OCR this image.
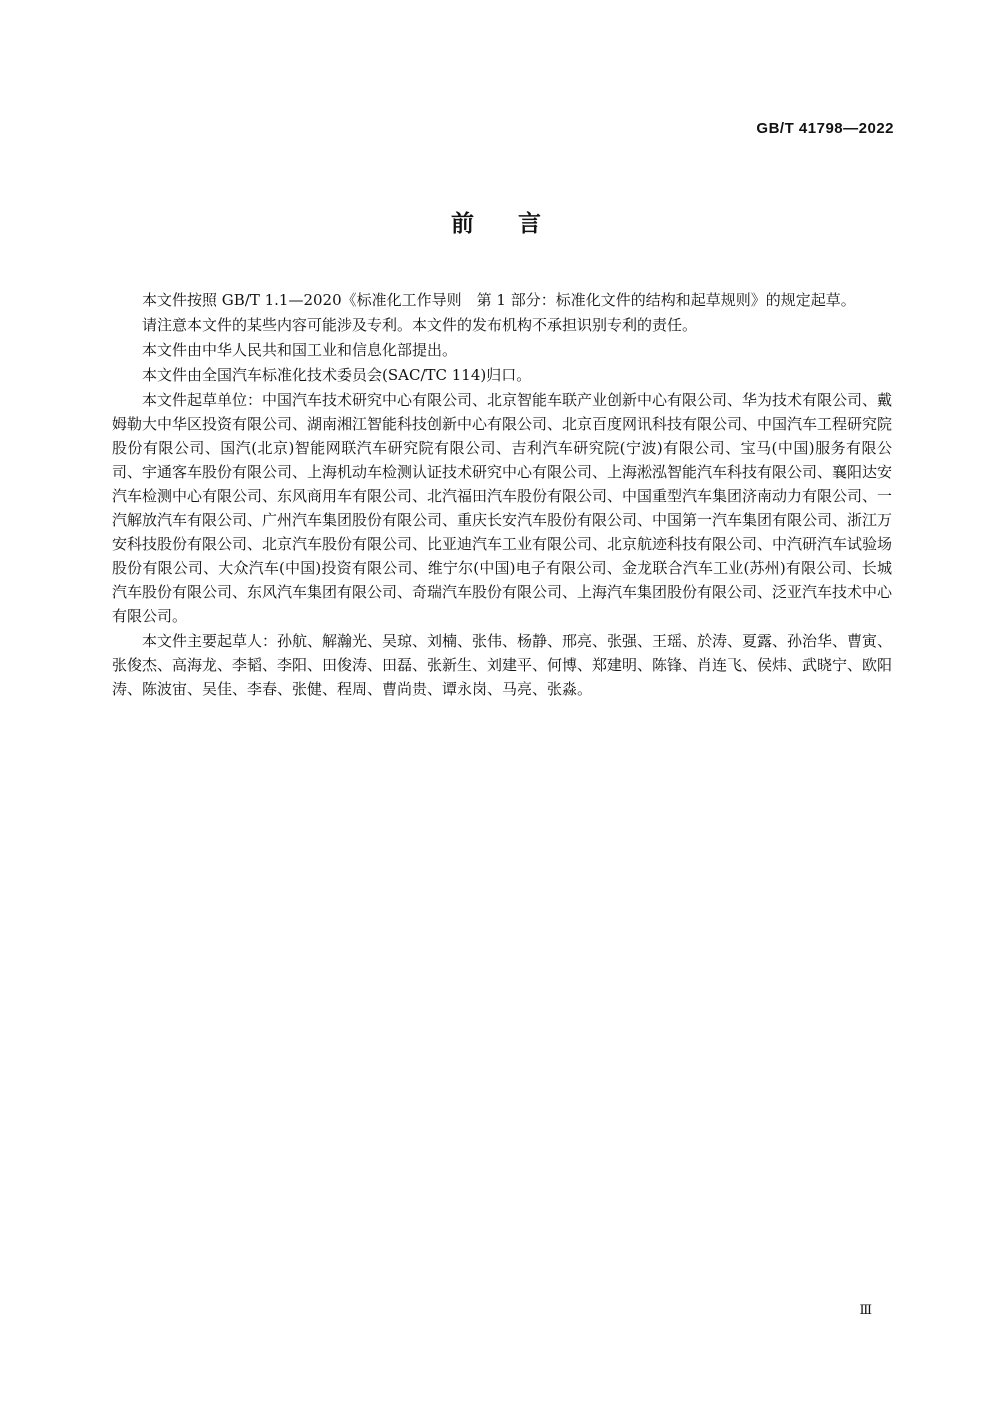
GB/T 41798—2022
前言

本文件按照 GB/T 1.1—2020《标准化工作导则　第 1 部分：标准化文件的结构和起草规则》的规定起草。

请注意本文件的某些内容可能涉及专利。本文件的发布机构不承担识别专利的责任。

本文件由中华人民共和国工业和信息化部提出。

本文件由全国汽车标准化技术委员会(SAC/TC 114)归口。

本文件起草单位：中国汽车技术研究中心有限公司、北京智能车联产业创新中心有限公司、华为技术有限公司、戴姆勒大中华区投资有限公司、湖南湘江智能科技创新中心有限公司、北京百度网讯科技有限公司、中国汽车工程研究院股份有限公司、国汽(北京)智能网联汽车研究院有限公司、吉利汽车研究院(宁波)有限公司、宝马(中国)服务有限公司、宇通客车股份有限公司、上海机动车检测认证技术研究中心有限公司、上海淞泓智能汽车科技有限公司、襄阳达安汽车检测中心有限公司、东风商用车有限公司、北汽福田汽车股份有限公司、中国重型汽车集团济南动力有限公司、一汽解放汽车有限公司、广州汽车集团股份有限公司、重庆长安汽车股份有限公司、中国第一汽车集团有限公司、浙江万安科技股份有限公司、北京汽车股份有限公司、比亚迪汽车工业有限公司、北京航迹科技有限公司、中汽研汽车试验场股份有限公司、大众汽车(中国)投资有限公司、维宁尔(中国)电子有限公司、金龙联合汽车工业(苏州)有限公司、长城汽车股份有限公司、东风汽车集团有限公司、奇瑞汽车股份有限公司、上海汽车集团股份有限公司、泛亚汽车技术中心有限公司。

本文件主要起草人：孙航、解瀚光、吴琼、刘楠、张伟、杨静、邢亮、张强、王瑶、於涛、夏露、孙治华、曹寅、张俊杰、高海龙、李韬、李阳、田俊涛、田磊、张新生、刘建平、何博、郑建明、陈锋、肖连飞、侯炜、武晓宁、欧阳涛、陈波宙、吴佳、李春、张健、程周、曹尚贵、谭永岗、马亮、张淼。

Ⅲ
